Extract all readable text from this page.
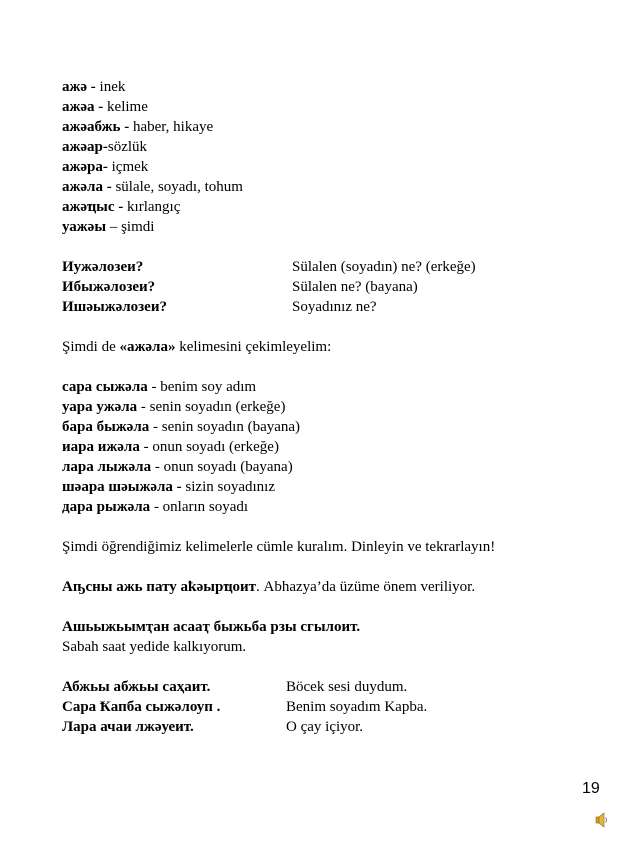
ажә - inek
ажәа - kelime
ажәабжь - haber, hikaye
ажәар-sözlük
ажәра- içmek
ажәла - sülale, soyadı, tohum
ажәҵыс - kırlangıç
уажәы – şimdi
Иужәлозеи?	Sülalen (soyadın) ne? (erkeğe)
Ибыжәлозеи?	Sülalen ne? (bayana)
Ишәыжәлозеи?	Soyadınız ne?
Şimdi de «ажәла» kelimesini çekimleyelim:
сара сыжәла - benim soy adım
уара ужәла - senin soyadın (erkeğe)
бара быжәла - senin soyadın (bayana)
иара ижәла - onun soyadı (erkeğe)
лара лыжәла - onun soyadı (bayana)
шәара шәыжәла - sizin soyadınız
дара рыжәла - onların soyadı
Şimdi öğrendiğimiz kelimelerle cümle kuralım. Dinleyin ve tekrarlayın!
Аҧсны ажь пату аҟәырҵоит. Abhazya’da üzüme önem veriliyor.
Ашьыжьымҭан асааҭ быжьба рзы сгылоит.
Sabah saat yedide kalkıyorum.
Абжьы абжьы саҳаит.	Böcek sesi duydum.
Сара Ҟапба сыжәлоуп .	Benim soyadım Kapba.
Лара ачаи лжәуеит.	O çay içiyor.
19
